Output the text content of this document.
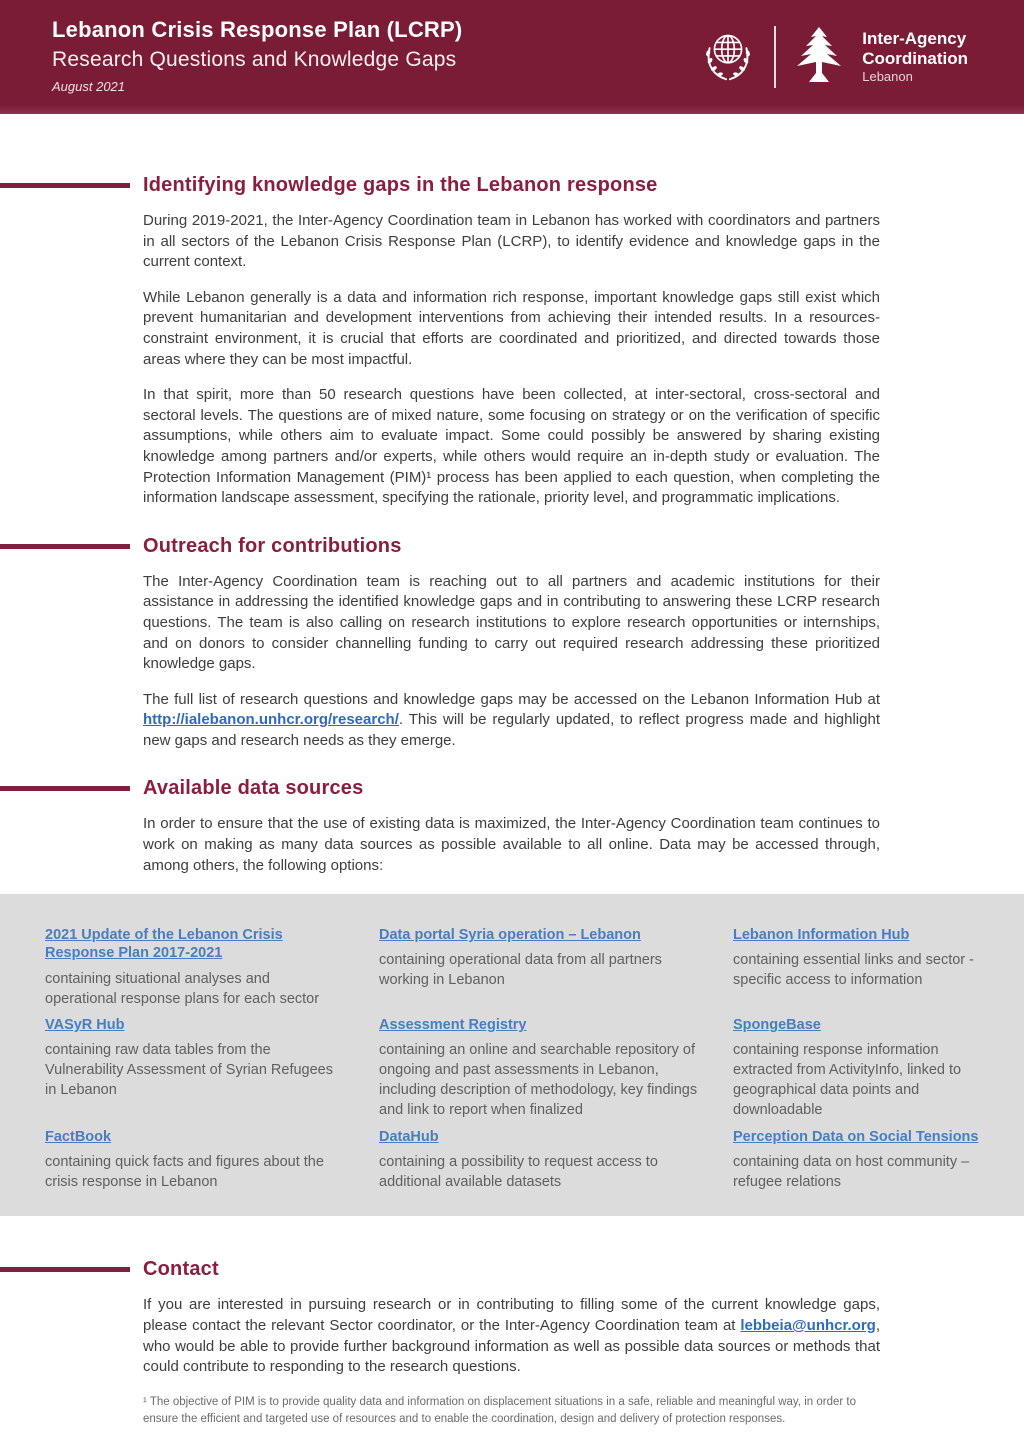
Lebanon Crisis Response Plan (LCRP)
Research Questions and Knowledge Gaps
August 2021
Inter-Agency
Coordination
Lebanon
Identifying knowledge gaps in the Lebanon response

During 2019-2021, the Inter-Agency Coordination team in Lebanon has worked with coordinators and partners in all sectors of the Lebanon Crisis Response Plan (LCRP), to identify evidence and knowledge gaps in the current context.

While Lebanon generally is a data and information rich response, important knowledge gaps still exist which prevent humanitarian and development interventions from achieving their intended results. In a resources-constraint environment, it is crucial that efforts are coordinated and prioritized, and directed towards those areas where they can be most impactful.

In that spirit, more than 50 research questions have been collected, at inter-sectoral, cross-sectoral and sectoral levels. The questions are of mixed nature, some focusing on strategy or on the verification of specific assumptions, while others aim to evaluate impact. Some could possibly be answered by sharing existing knowledge among partners and/or experts, while others would require an in-depth study or evaluation. The Protection Information Management (PIM)¹ process has been applied to each question, when completing the information landscape assessment, specifying the rationale, priority level, and programmatic implications.

Outreach for contributions

The Inter-Agency Coordination team is reaching out to all partners and academic institutions for their assistance in addressing the identified knowledge gaps and in contributing to answering these LCRP research questions. The team is also calling on research institutions to explore research opportunities or internships, and on donors to consider channelling funding to carry out required research addressing these prioritized knowledge gaps.

The full list of research questions and knowledge gaps may be accessed on the Lebanon Information Hub at http://ialebanon.unhcr.org/research/. This will be regularly updated, to reflect progress made and highlight new gaps and research needs as they emerge.

Available data sources

In order to ensure that the use of existing data is maximized, the Inter-Agency Coordination team continues to work on making as many data sources as possible available to all online. Data may be accessed through, among others, the following options:

2021 Update of the Lebanon Crisis Response Plan 2017-2021
containing situational analyses and operational response plans for each sector
Data portal Syria operation – Lebanon
containing operational data from all partners working in Lebanon
Lebanon Information Hub
containing essential links and sector -specific access to information
VASyR Hub
containing raw data tables from the Vulnerability Assessment of Syrian Refugees in Lebanon
Assessment Registry
containing an online and searchable repository of ongoing and past assessments in Lebanon, including description of methodology, key findings and link to report when finalized
SpongeBase
containing response information extracted from ActivityInfo, linked to geographical data points and downloadable
FactBook
containing quick facts and figures about the crisis response in Lebanon
DataHub
containing a possibility to request access to additional available datasets
Perception Data on Social Tensions
containing data on host community – refugee relations
Contact

If you are interested in pursuing research or in contributing to filling some of the current knowledge gaps, please contact the relevant Sector coordinator, or the Inter-Agency Coordination team at lebbeia@unhcr.org, who would be able to provide further background information as well as possible data sources or methods that could contribute to responding to the research questions.

¹ The objective of PIM is to provide quality data and information on displacement situations in a safe, reliable and meaningful way, in order to ensure the efficient and targeted use of resources and to enable the coordination, design and delivery of protection responses.
